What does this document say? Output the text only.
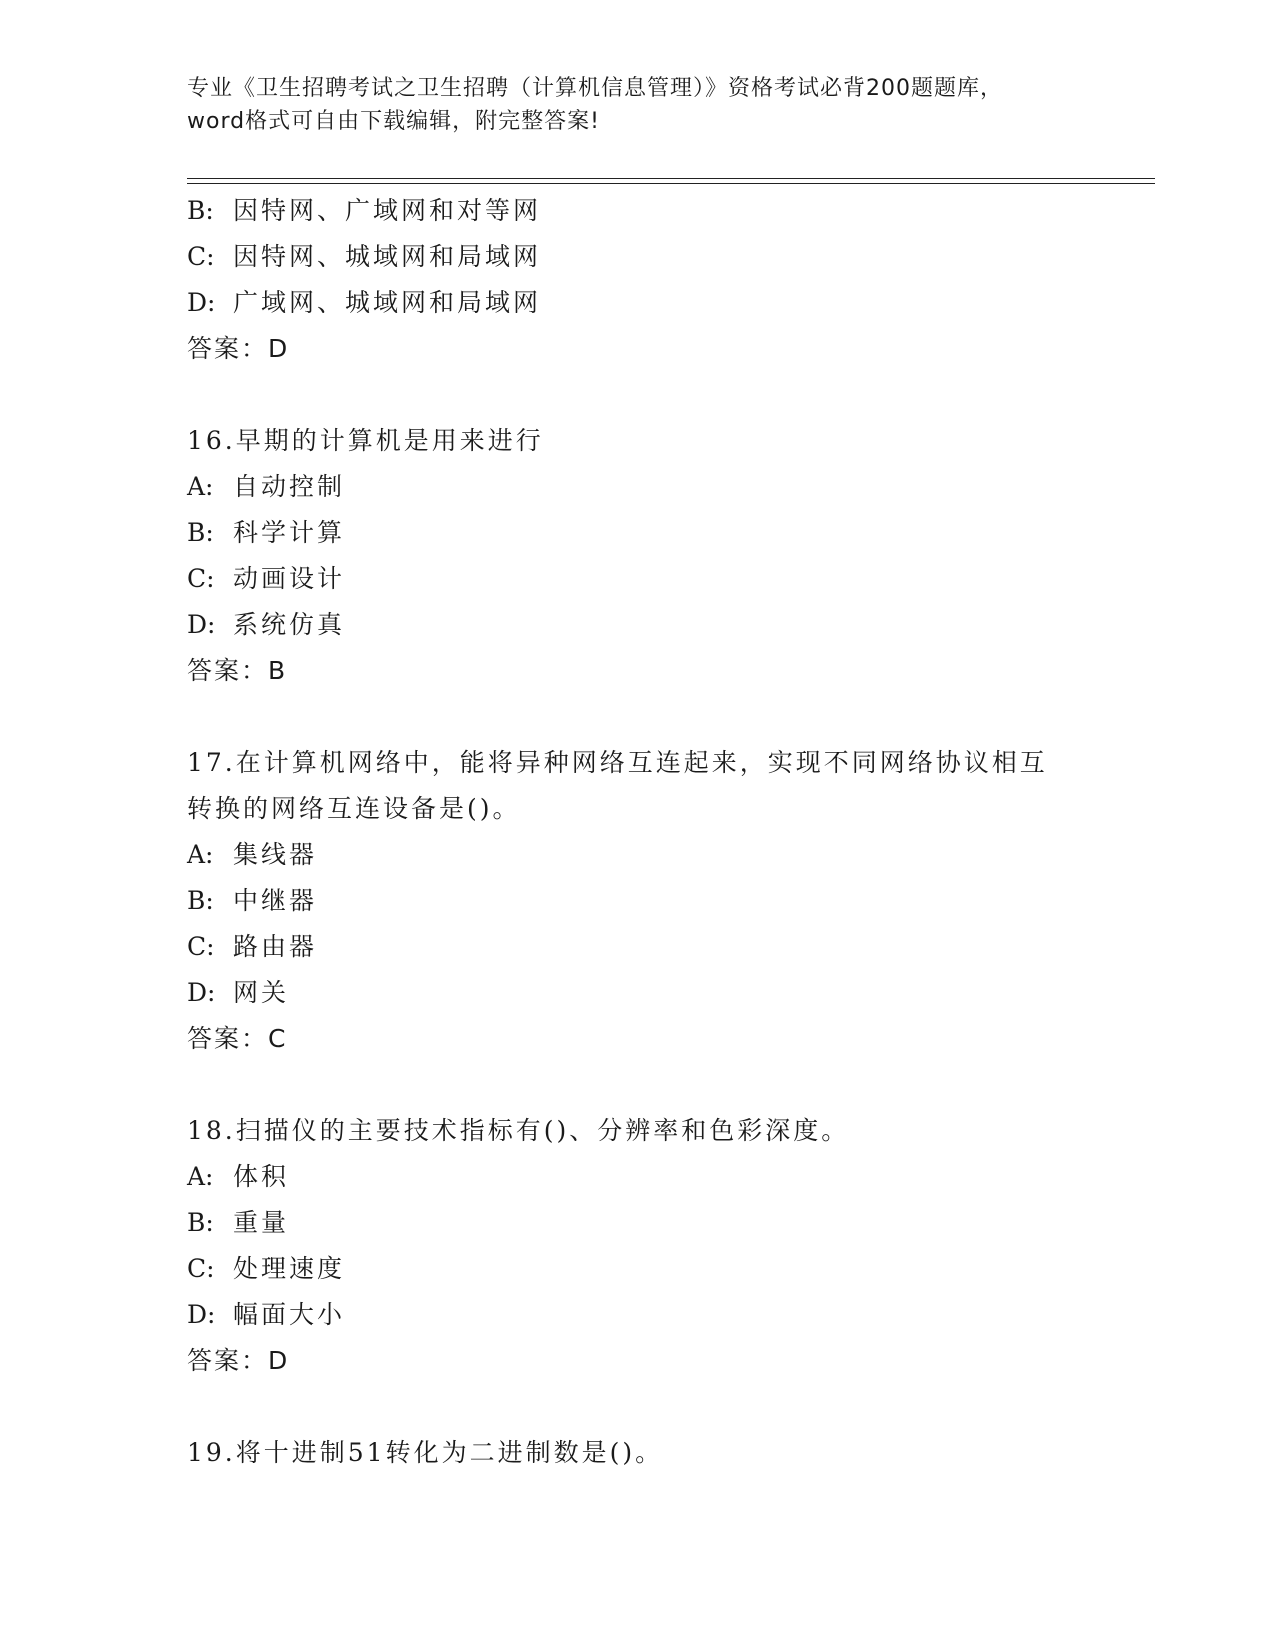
专业《卫生招聘考试之卫生招聘（计算机信息管理）》资格考试必背200题题库，
word格式可自由下载编辑，附完整答案!
B: 因特网、广域网和对等网
C: 因特网、城域网和局域网
D: 广域网、城域网和局域网
答案：D
16.早期的计算机是用来进行
A: 自动控制
B: 科学计算
C: 动画设计
D: 系统仿真
答案：B
17.在计算机网络中，能将异种网络互连起来，实现不同网络协议相互
转换的网络互连设备是()。
A: 集线器
B: 中继器
C: 路由器
D: 网关
答案：C
18.扫描仪的主要技术指标有()、分辨率和色彩深度。
A: 体积
B: 重量
C: 处理速度
D: 幅面大小
答案：D
19.将十进制51转化为二进制数是()。
